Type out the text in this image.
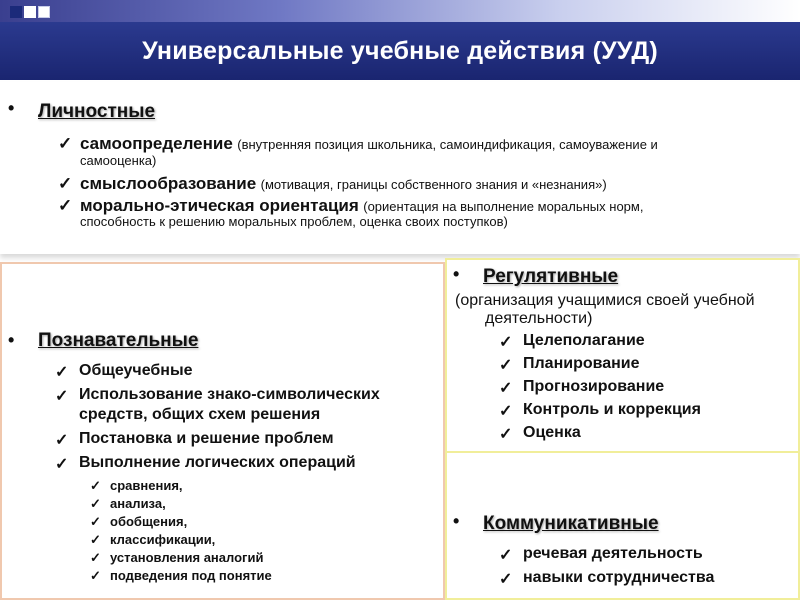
Универсальные учебные действия (УУД)
• Личностные
✓ самоопределение (внутренняя позиция школьника, самоиндификация, самоуважение и
самооценка)
✓ смыслообразование (мотивация, границы собственного знания и «незнания»)
✓ морально-этическая ориентация (ориентация на выполнение моральных норм,
способность к решению моральных проблем, оценка своих поступков)
• Познавательные
✓ Общеучебные
✓ Использование знако-символических
средств, общих схем решения
✓ Постановка и решение проблем
✓ Выполнение логических операций
✓ сравнения,
✓ анализа,
✓ обобщения,
✓ классификации,
✓ установления аналогий
✓ подведения под понятие
• Регулятивные
(организация учащимися своей учебной
деятельности)
✓ Целеполагание
✓ Планирование
✓ Прогнозирование
✓ Контроль и коррекция
✓ Оценка
• Коммуникативные
✓ речевая деятельность
✓ навыки сотрудничества
